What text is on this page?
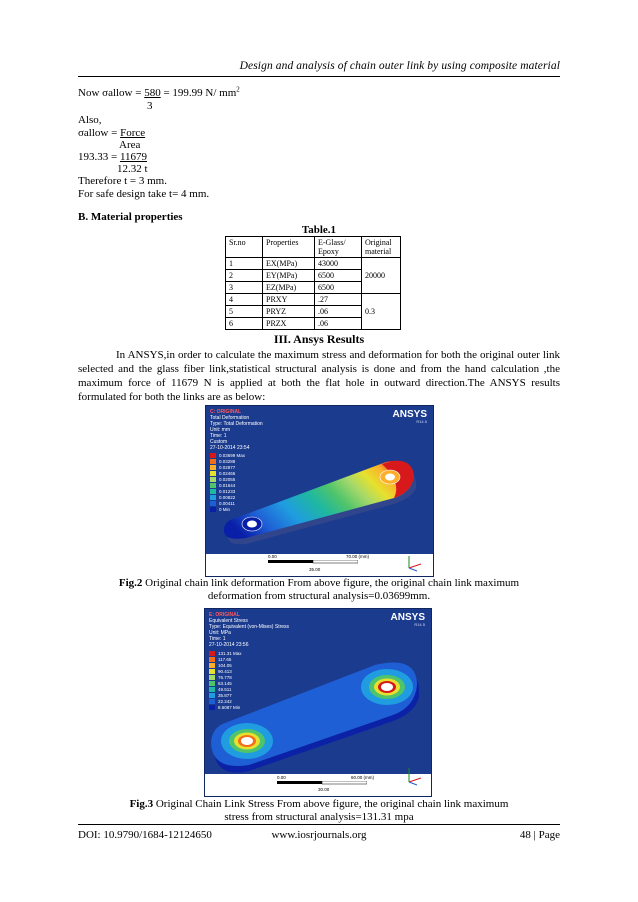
Design and analysis of chain outer link by using composite material
Now σallow = 580 = 199.99 N/ $mm^2$
3
Also,
σallow = Force
Area
193.33 = 11679
12.32 t
Therefore t = 3 mm.
For safe design take t= 4 mm.
B. Material properties
Table.1
Sr.no	Properties	E-Glass/ Epoxy	Original material
1	EX(MPa)	43000	20000
2	EY(MPa)	6500	
3	EZ(MPa)	6500	
4	PRXY	.27	0.3
5	PRYZ	.06	
6	PRZX	.06	
III. Ansys Results
In ANSYS,in order to calculate the maximum stress and deformation for both the original outer link selected and the glass fiber link,statistical structural analysis is done and from the hand calculation ,the maximum force of 11679 N is applied at both the flat hole in outward direction.The ANSYS results formulated for both the links are as below:
C: ORIGINAL
Total Deformation
Type: Total Deformation
Unit: mm
Time: 1
Custom
27-10-2014 23:54
ANSYS
R14.5
0.03699 Max
0.03288
0.02877
0.02466
0.02055
0.01644
0.01233
0.00822
0.00411
0 Min
0.00	70.00 (mm)
35.00
Fig.2 Original chain link deformation From above figure, the original chain link maximum
deformation from structural analysis=0.03699mm.
E: ORIGINAL
Equivalent Stress
Type: Equivalent (von-Mises) Stress
Unit: MPa
Time: 1
27-10-2014 23:56
ANSYS
R14.5
131.31 Max
117.65
104.05
90.413
76.778
63.145
49.511
35.877
22.242
8.6087 Min
0.00	60.00 (mm)
30.00
Fig.3 Original Chain Link Stress From above figure, the original chain link maximum
stress from structural analysis=131.31 mpa
DOI: 10.9790/1684-12124650	www.iosrjournals.org	48 | Page
